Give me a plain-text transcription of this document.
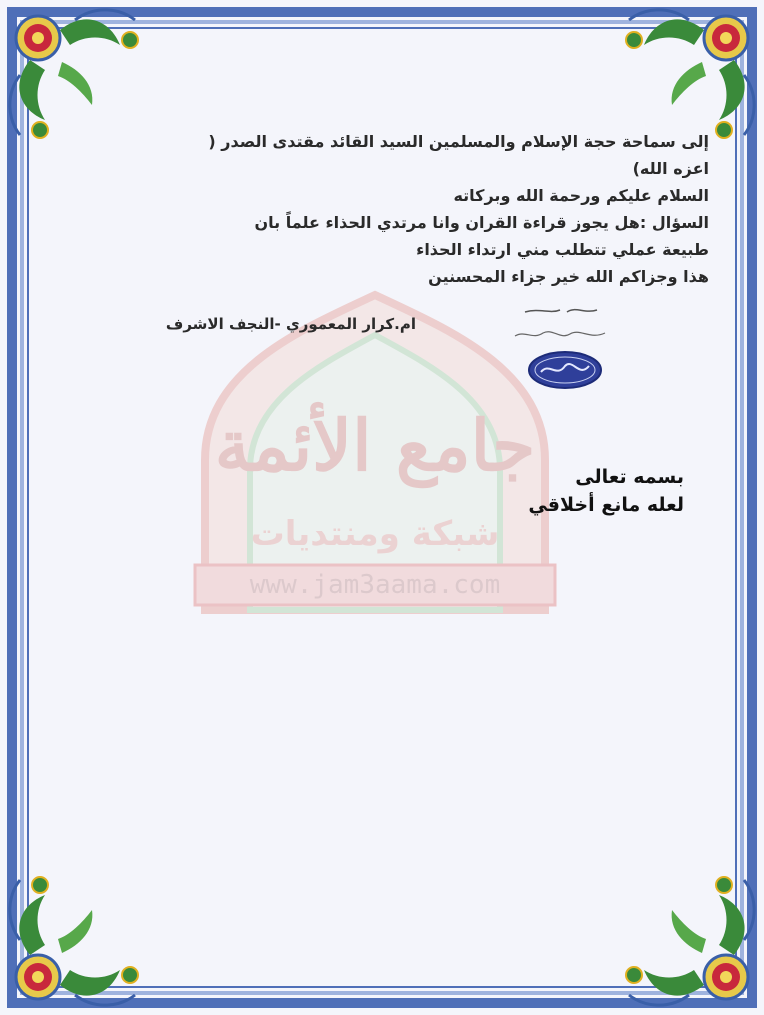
جامع الأئمة
شبكة ومنتديات
www.jam3aama.com

إلى سماحة حجة الإسلام والمسلمين السيد القائد مقتدى الصدر (

اعزه الله)

السلام عليكم ورحمة الله وبركاته

السؤال :هل يجوز قراءة القران وانا مرتدي الحذاء علماً بان

طبيعة عملي تتطلب مني ارتداء الحذاء

هذا وجزاكم الله خير جزاء المحسنين

ام.كرار المعموري -النجف الاشرف

بسمه تعالى

لعله مانع أخلاقي
